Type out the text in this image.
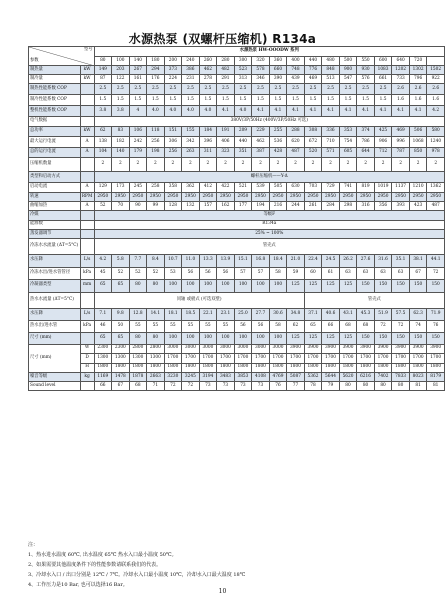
水源热泵 (双螺杆压缩机) R134a
型号
参数		水源热泵 HW-OOODW 系列																			
		80	100	140	180	200	240	260	280	300	320	360	400	440	480	500	550	600	640	720	
制热量	kW	149	203	267	294	373	386	462	482	523	578	660	748	776	848	900	930	1083	1202	1302	1502
制冷量	kW	87	122	161	176	224	231	278	291	313	346	390	439	469	513	547	576	661	733	796	922
制热性能系数 COP		2.5	2.5	2.5	2.5	2.5	2.5	2.5	2.5	2.5	2.5	2.5	2.5	2.5	2.5	2.5	2.5	2.5	2.6	2.6	2.6
制冷性能系数 COP		1.5	1.5	1.5	1.5	1.5	1.5	1.5	1.5	1.5	1.5	1.5	1.5	1.5	1.5	1.5	1.5	1.5	1.6	1.6	1.6
整机性能系数 COP		3.8	3.8	4	4.0	4.0	4.0	4.0	4.1	4.0	4.1	4.1	4.1	4.1	4.1	4.1	4.1	4.1	4.1	4.1	4.2
电气数据		380V/3P/50Hz (400V/3P/50Hz 可选)																			
总功率	kW	62	83	106	118	151	155	184	191	209	229	255	288	308	336	353	374	425	469	506	580
最大运行电流	A	138	182	242	256	306	342	396	406	440	462	536	620	672	710	754	786	906	996	1068	1240
总的运行电流	A	104	140	179	198	256	263	311	323	351	387	428	487	520	571	605	644	712	787	850	978
压缩机数量		2	2	2	2	2	2	2	2	2	2	2	2	2	2	2	2	2	2	2	2
类型和启动方式		螺杆压缩机——Y-Δ																			
启动电流	A	129	173	245	258	358	362	412	422	521	539	505	630	703	729	741	819	1019	1137	1210	1362
转速	RPM	2950	2950	2950	2950	2950	2950	2950	2950	2950	2950	2950	2950	2950	2950	2950	2950	2950	2950	2950	2950
曲缩加热	A	52	70	90	99	128	132	157	162	177	194	216	244	261	284	298	316	356	393	423	487
冷媒		等级F																			
能源数		R134a																			
蒸发器调节		25% ~ 100%																			
冷冻水水流量 (ΔT=5°C)		管壳式																			
水压降	L/s	4.2	5.8	7.7	8.4	10.7	11.0	13.3	13.9	15.1	16.8	18.4	21.0	22.4	24.5	26.2	27.6	31.6	35.1	38.1	44.1
冷冻水出/进水管管径	kPa	45	52	52	52	53	56	56	56	57	57	58	59	60	61	63	63	63	63	67	72
冷凝器类型	mm	65	65	80	80	100	100	100	100	100	100	100	125	125	125	125	150	150	150	150	150
热水水流量 (ΔT=5°C)		同轴 或板式 (可选双壁)												管壳式							
水压降	L/s	7.1	9.8	12.8	14.1	18.1	18.5	22.1	23.1	25.0	27.7	30.6	34.8	37.1	40.6	43.1	45.3	51.9	57.5	62.3	71.9
热水出/进水管	kPa	46	50	55	55	55	55	55	55	56	56	58	62	65	66	68	68	72	72	74	76
尺寸 (mm)		65	65	80	80	100	100	100	100	100	100	100	125	125	125	125	150	150	150	150	150
尺寸 (mm)	W	2300	2300	2800	2800	3000	3000	3000	3000	3000	3000	3000	3900	3900	3900	3900	3900	3900	3900	3900	3900
	D	1300	1300	1300	1300	1700	1700	1700	1700	1700	1700	1700	1700	1700	1700	1700	1700	1700	1700	1700	1700
	H	1800	1800	1800	1800	1800	1800	1800	1800	1800	1800	1800	1800	1800	1800	1800	1800	1800	1800	1800	1800
噪音等级	kg	1169	1478	1878	2663	3230	3245	3194	3483	3853	4108	4769	5087	5362	5644	5620	6216	7402	7833	8023	8179
Sound level		66	67	68	71	72	72	73	73	73	73	76	77	78	79	80	80	80	80	81	81
注：
1、热水进水温度 60℃, 出水温度 65℃ 热水入口最小温度 50℃。
2、如果需要其他温度条件下的性能参数请联系我们的代表。
3、冷却水入口 / 出口分别是 12℃ / 7℃。冷却水入口最小温度 10℃，冷却水入口最大温度 18℃
4、工作压力是10 Bar, 也可以选择16 Bar。
10
